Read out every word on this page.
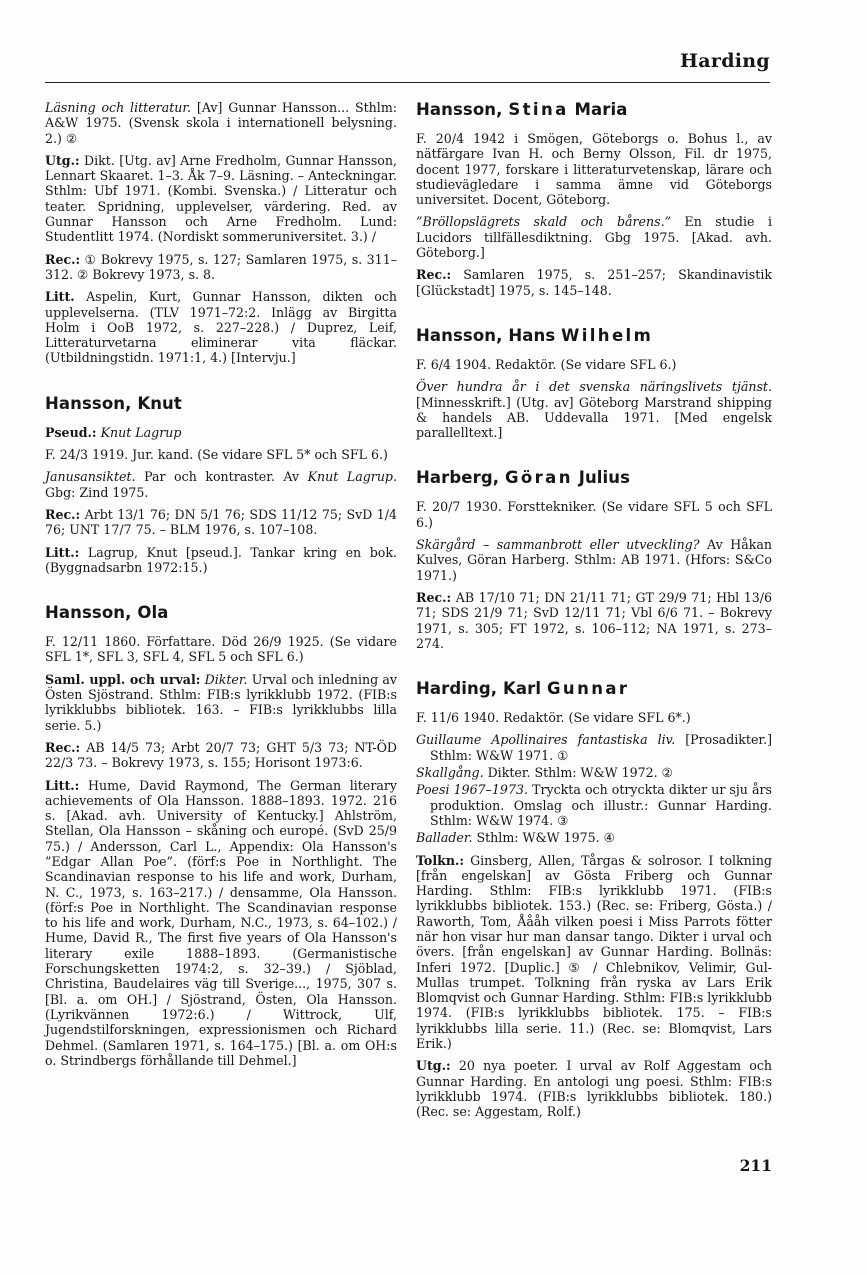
Harding

Läsning och litteratur. [Av] Gunnar Hansson... Sthlm: A&W 1975. (Svensk skola i internationell belysning. 2.) ②

Utg.: Dikt. [Utg. av] Arne Fredholm, Gunnar Hansson, Lennart Skaaret. 1–3. Åk 7–9. Läsning. – Anteckningar. Sthlm: Ubf 1971. (Kombi. Svenska.) / Litteratur och teater. Spridning, upplevelser, värdering. Red. av Gunnar Hansson och Arne Fredholm. Lund: Studentlitt 1974. (Nordiskt sommeruniversitet. 3.) /

Rec.: ① Bokrevy 1975, s. 127; Samlaren 1975, s. 311–312. ② Bokrevy 1973, s. 8.

Litt. Aspelin, Kurt, Gunnar Hansson, dikten och upplevelserna. (TLV 1971–72:2. Inlägg av Birgitta Holm i OoB 1972, s. 227–228.) / Duprez, Leif, Litteraturvetarna eliminerar vita fläckar. (Utbildningstidn. 1971:1, 4.) [Intervju.]

Hansson, Knut

Pseud.: Knut Lagrup

F. 24/3 1919. Jur. kand. (Se vidare SFL 5* och SFL 6.)

Janusansiktet. Par och kontraster. Av Knut Lagrup. Gbg: Zind 1975.

Rec.: Arbt 13/1 76; DN 5/1 76; SDS 11/12 75; SvD 1/4 76; UNT 17/7 75. – BLM 1976, s. 107–108.

Litt.: Lagrup, Knut [pseud.]. Tankar kring en bok. (Byggnadsarbn 1972:15.)

Hansson, Ola

F. 12/11 1860. Författare. Död 26/9 1925. (Se vidare SFL 1*, SFL 3, SFL 4, SFL 5 och SFL 6.)

Saml. uppl. och urval: Dikter. Urval och inledning av Östen Sjöstrand. Sthlm: FIB:s lyrikklubb 1972. (FIB:s lyrikklubbs bibliotek. 163. – FIB:s lyrikklubbs lilla serie. 5.)

Rec.: AB 14/5 73; Arbt 20/7 73; GHT 5/3 73; NT-ÖD 22/3 73. – Bokrevy 1973, s. 155; Horisont 1973:6.

Litt.: Hume, David Raymond, The German literary achievements of Ola Hansson. 1888–1893. 1972. 216 s. [Akad. avh. University of Kentucky.] Ahlström, Stellan, Ola Hansson – skåning och europé. (SvD 25/9 75.) / Andersson, Carl L., Appendix: Ola Hansson's ”Edgar Allan Poe”. (förf:s Poe in Northlight. The Scandinavian response to his life and work, Durham, N. C., 1973, s. 163–217.) / densamme, Ola Hansson. (förf:s Poe in Northlight. The Scandinavian response to his life and work, Durham, N.C., 1973, s. 64–102.) / Hume, David R., The first five years of Ola Hansson's literary exile 1888–1893. (Germanistische Forschungsketten 1974:2, s. 32–39.) / Sjöblad, Christina, Baudelaires väg till Sverige..., 1975, 307 s. [Bl. a. om OH.] / Sjöstrand, Östen, Ola Hansson. (Lyrikvännen 1972:6.) / Wittrock, Ulf, Jugendstilforskningen, expressionismen och Richard Dehmel. (Samlaren 1971, s. 164–175.) [Bl. a. om OH:s o. Strindbergs förhållande till Dehmel.]

Hansson, Stina Maria

F. 20/4 1942 i Smögen, Göteborgs o. Bohus l., av nätfärgare Ivan H. och Berny Olsson, Fil. dr 1975, docent 1977, forskare i litteraturvetenskap, lärare och studievägledare i samma ämne vid Göteborgs universitet. Docent, Göteborg.

”Bröllopslägrets skald och bårens.” En studie i Lucidors tillfällesdiktning. Gbg 1975. [Akad. avh. Göteborg.]

Rec.: Samlaren 1975, s. 251–257; Skandinavistik [Glückstadt] 1975, s. 145–148.

Hansson, Hans Wilhelm

F. 6/4 1904. Redaktör. (Se vidare SFL 6.)

Över hundra år i det svenska näringslivets tjänst. [Minnesskrift.] (Utg. av] Göteborg Marstrand shipping & handels AB. Uddevalla 1971. [Med engelsk parallelltext.]

Harberg, Göran Julius

F. 20/7 1930. Forsttekniker. (Se vidare SFL 5 och SFL 6.)

Skärgård – sammanbrott eller utveckling? Av Håkan Kulves, Göran Harberg. Sthlm: AB 1971. (Hfors: S&Co 1971.)

Rec.: AB 17/10 71; DN 21/11 71; GT 29/9 71; Hbl 13/6 71; SDS 21/9 71; SvD 12/11 71; Vbl 6/6 71. – Bokrevy 1971, s. 305; FT 1972, s. 106–112; NA 1971, s. 273–274.

Harding, Karl Gunnar

F. 11/6 1940. Redaktör. (Se vidare SFL 6*.)

Guillaume Apollinaires fantastiska liv. [Prosadikter.] Sthlm: W&W 1971. ①

Skallgång. Dikter. Sthlm: W&W 1972. ②

Poesi 1967–1973. Tryckta och otryckta dikter ur sju års produktion. Omslag och illustr.: Gunnar Harding. Sthlm: W&W 1974. ③

Ballader. Sthlm: W&W 1975. ④

Tolkn.: Ginsberg, Allen, Tårgas & solrosor. I tolkning [från engelskan] av Gösta Friberg och Gunnar Harding. Sthlm: FIB:s lyrikklubb 1971. (FIB:s lyrikklubbs bibliotek. 153.) (Rec. se: Friberg, Gösta.) / Raworth, Tom, Åååh vilken poesi i Miss Parrots fötter när hon visar hur man dansar tango. Dikter i urval och övers. [från engelskan] av Gunnar Harding. Bollnäs: Inferi 1972. [Duplic.] ⑤ / Chlebnikov, Velimir, Gul-Mullas trumpet. Tolkning från ryska av Lars Erik Blomqvist och Gunnar Harding. Sthlm: FIB:s lyrikklubb 1974. (FIB:s lyrikklubbs bibliotek. 175. – FIB:s lyrikklubbs lilla serie. 11.) (Rec. se: Blomqvist, Lars Erik.)

Utg.: 20 nya poeter. I urval av Rolf Aggestam och Gunnar Harding. En antologi ung poesi. Sthlm: FIB:s lyrikklubb 1974. (FIB:s lyrikklubbs bibliotek. 180.) (Rec. se: Aggestam, Rolf.)

211
